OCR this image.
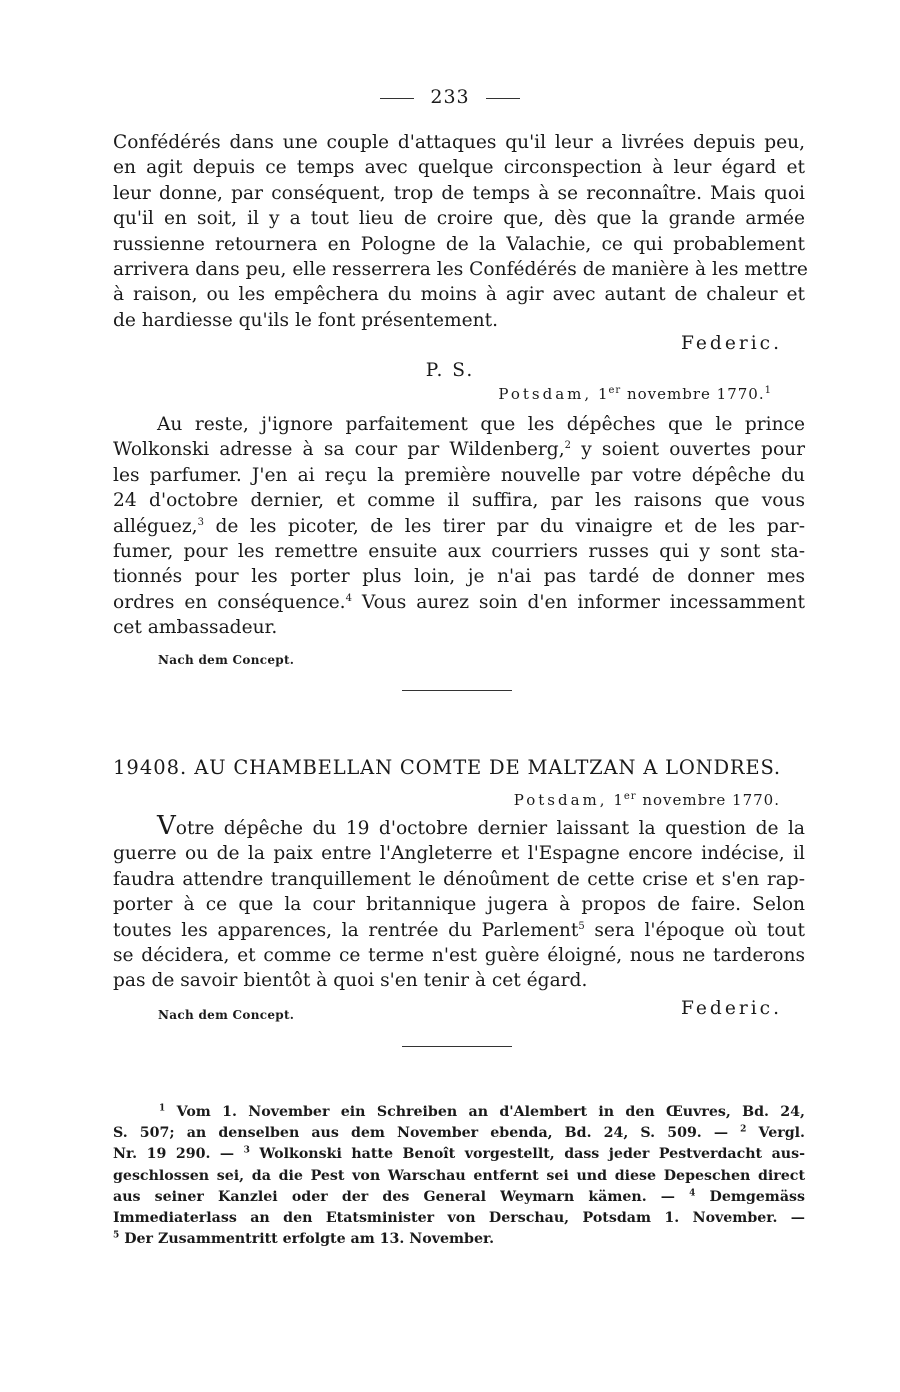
233

Confédérés dans une couple d'attaques qu'il leur a livrées depuis peu,
en agit depuis ce temps avec quelque circonspection à leur égard et
leur donne, par conséquent, trop de temps à se reconnaître. Mais quoi
qu'il en soit, il y a tout lieu de croire que, dès que la grande armée
russienne retournera en Pologne de la Valachie, ce qui probablement
arrivera dans peu, elle resserrera les Confédérés de manière à les mettre
à raison, ou les empêchera du moins à agir avec autant de chaleur et
de hardiesse qu'ils le font présentement.

Federic.
P. S.
Potsdam, 1er novembre 1770.$^1$

Au reste, j'ignore parfaitement que les dépêches que le prince
Wolkonski adresse à sa cour par Wildenberg,$^2$ y soient ouvertes pour
les parfumer. J'en ai reçu la première nouvelle par votre dépêche du
24 d'octobre dernier, et comme il suffira, par les raisons que vous
alléguez,$^3$ de les picoter, de les tirer par du vinaigre et de les par-
fumer, pour les remettre ensuite aux courriers russes qui y sont sta-
tionnés pour les porter plus loin, je n'ai pas tardé de donner mes
ordres en conséquence.$^4$ Vous aurez soin d'en informer incessamment
cet ambassadeur.

Nach dem Concept.
19408. AU CHAMBELLAN COMTE DE MALTZAN A LONDRES.
Potsdam, 1er novembre 1770.

Votre dépêche du 19 d'octobre dernier laissant la question de la
guerre ou de la paix entre l'Angleterre et l'Espagne encore indécise, il
faudra attendre tranquillement le dénoûment de cette crise et s'en rap-
porter à ce que la cour britannique jugera à propos de faire. Selon
toutes les apparences, la rentrée du Parlement$^5$ sera l'époque où tout
se décidera, et comme ce terme n'est guère éloigné, nous ne tarderons
pas de savoir bientôt à quoi s'en tenir à cet égard.

Nach dem Concept.	Federic.

$^1$ Vom 1. November ein Schreiben an d'Alembert in den Œuvres, Bd. 24,
S. 507; an denselben aus dem November ebenda, Bd. 24, S. 509. — $^2$ Vergl.
Nr. 19 290. — $^3$ Wolkonski hatte Benoît vorgestellt, dass jeder Pestverdacht aus-
geschlossen sei, da die Pest von Warschau entfernt sei und diese Depeschen direct
aus seiner Kanzlei oder der des General Weymarn kämen. — $^4$ Demgemäss
Immediaterlass an den Etatsminister von Derschau, Potsdam 1. November. —
$^5$ Der Zusammentritt erfolgte am 13. November.
